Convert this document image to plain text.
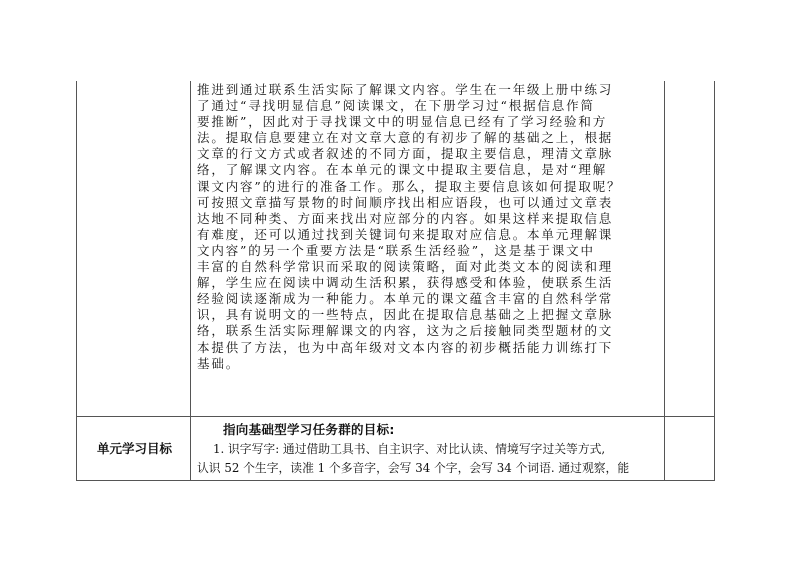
推进到通过联系生活实际了解课文内容。学生在一年级上册中练习
了通过“寻找明显信息”阅读课文，在下册学习过“根据信息作简
要推断”，因此对于寻找课文中的明显信息已经有了学习经验和方
法。提取信息要建立在对文章大意的有初步了解的基础之上，根据
文章的行文方式或者叙述的不同方面，提取主要信息，理清文章脉
络，了解课文内容。在本单元的课文中提取主要信息，是对“理解
课文内容”的进行的准备工作。那么，提取主要信息该如何提取呢？
可按照文章描写景物的时间顺序找出相应语段，也可以通过文章表
达地不同种类、方面来找出对应部分的内容。如果这样来提取信息
有难度，还可以通过找到关键词句来提取对应信息。本单元理解课
文内容”的另一个重要方法是“联系生活经验”，这是基于课文中
丰富的自然科学常识而采取的阅读策略，面对此类文本的阅读和理
解，学生应在阅读中调动生活积累，获得感受和体验，使联系生活
经验阅读逐渐成为一种能力。本单元的课文蕴含丰富的自然科学常
识，具有说明文的一些特点，因此在提取信息基础之上把握文章脉
络，联系生活实际理解课文的内容，这为之后接触同类型题材的文
本提供了方法，也为中高年级对文本内容的初步概括能力训练打下
基础。
单元学习目标
指向基础型学习任务群的目标:
1. 识字写字: 通过借助工具书、自主识字、对比认读、情境写字过关等方式,
认识 52 个生字，读准 1 个多音字，会写 34 个字，会写 34 个词语. 通过观察，能
